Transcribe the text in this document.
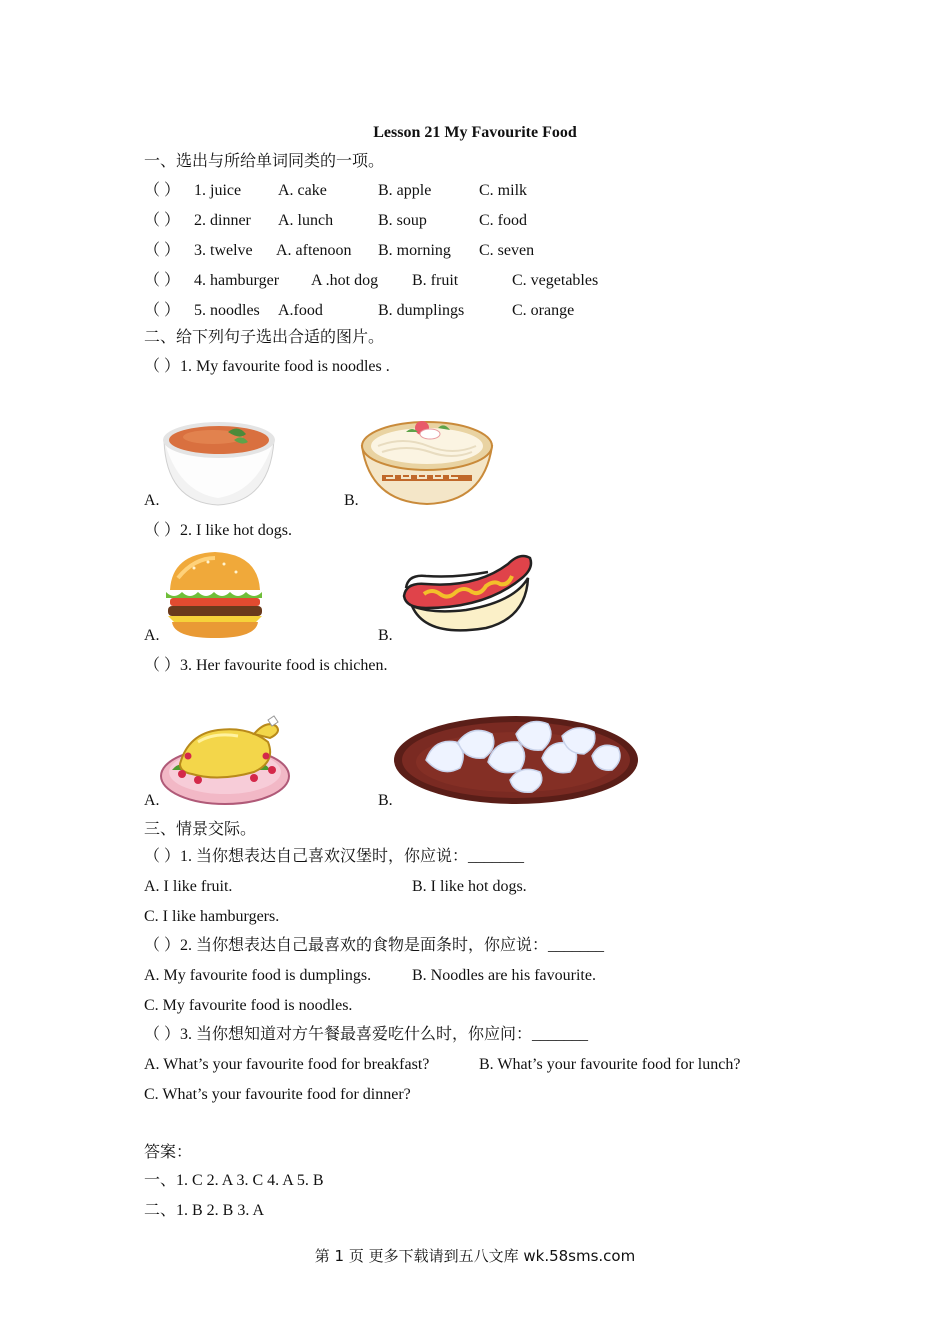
Lesson 21 My Favourite Food
一、选出与所给单词同类的一项。
（ ） 1. juice A. cake	B. apple	C. milk
（ ） 2. dinner A. lunch	B. soup	C. food
（ ） 3. twelve A. aftenoon B. morning C. seven
（ ） 4. hamburger A .hot dog B. fruit	C. vegetables
（ ） 5. noodles A.food	B. dumplings	C. orange
二、给下列句子选出合适的图片。
（ ）1. My favourite food is noodles .
A.	B.
（ ）2. I like hot dogs.
A.	B.
（ ）3. Her favourite food is chichen.
A.	B.
三、情景交际。
（ ）1. 当你想表达自己喜欢汉堡时，你应说：_______
A. I like fruit.	B. I like hot dogs.
C. I like hamburgers.
（ ）2. 当你想表达自己最喜欢的食物是面条时，你应说：_______
A. My favourite food is dumplings.	B. Noodles are his favourite.
C. My favourite food is noodles.
（ ）3. 当你想知道对方午餐最喜爱吃什么时，你应问：_______
A. What’s your favourite food for breakfast?	B. What’s your favourite food for lunch?
C. What’s your favourite food for dinner?
答案：
一、1. C 2. A 3. C 4. A 5. B
二、1. B 2. B 3. A
第 1 页 更多下载请到五八文库 wk.58sms.com
